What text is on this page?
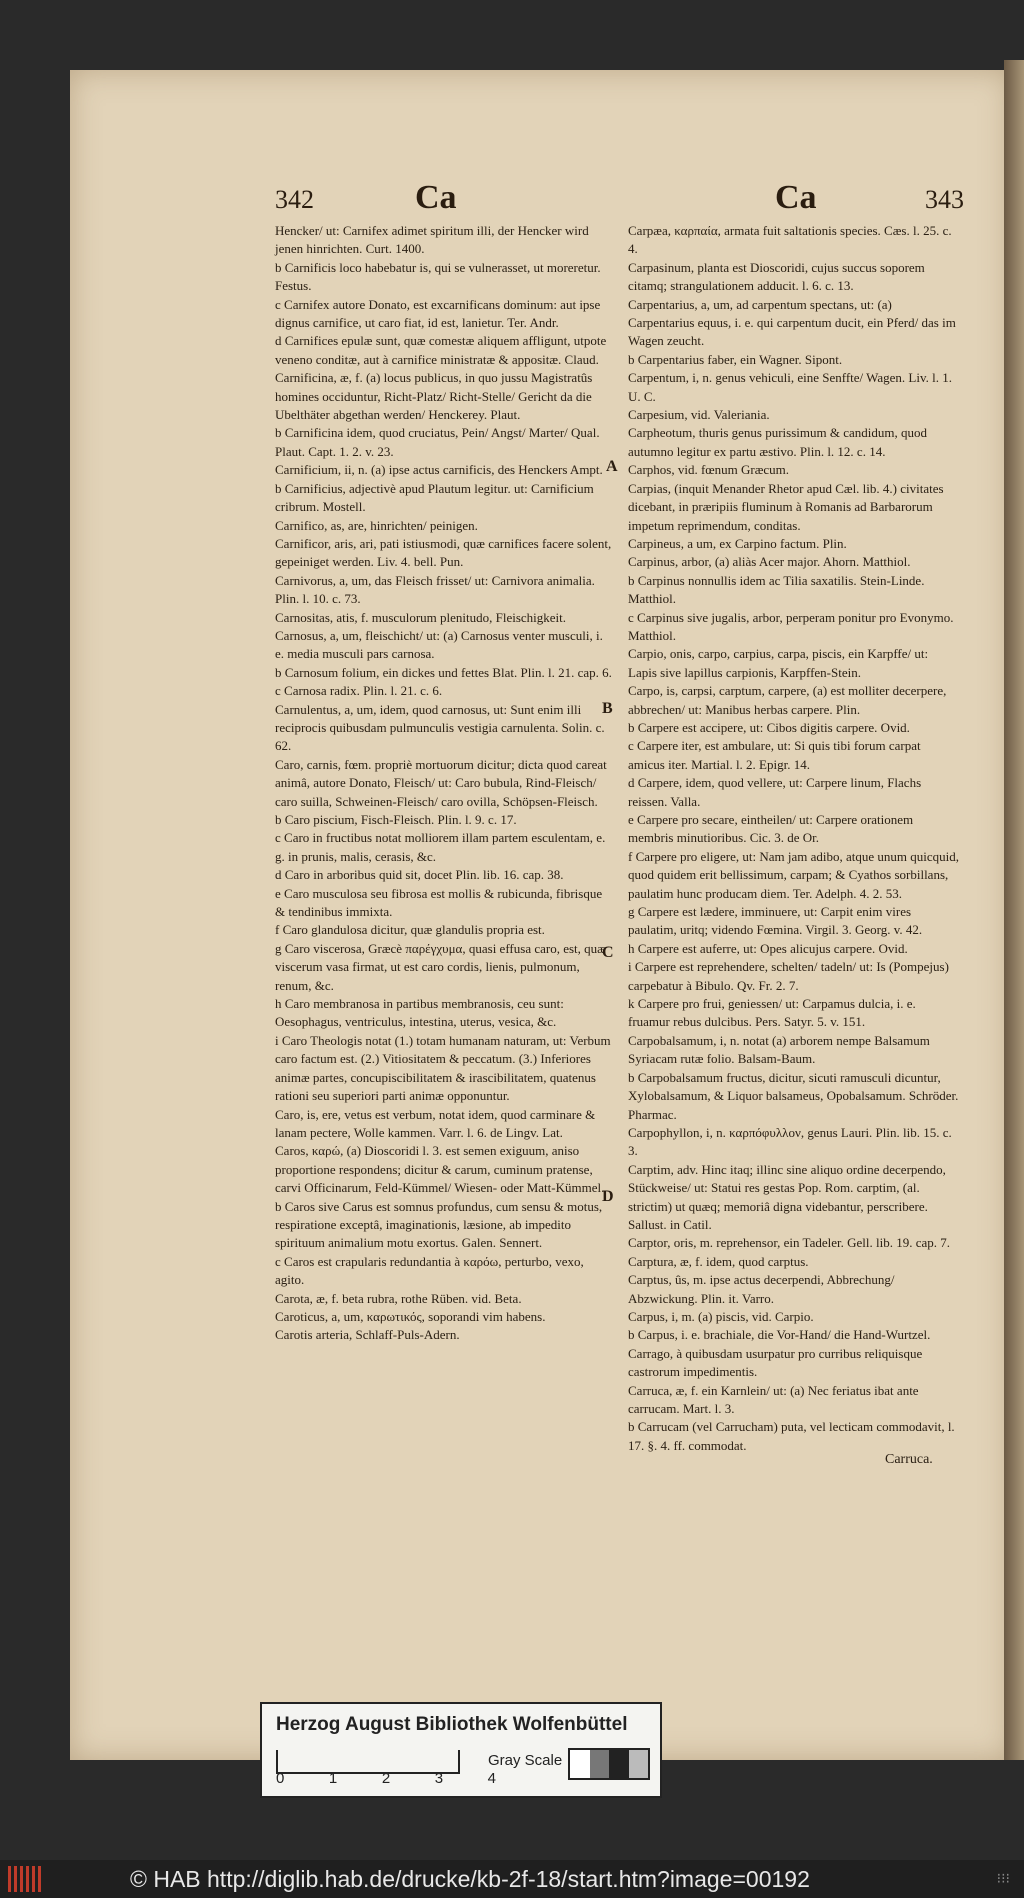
342	Ca	Ca	343

Hencker/ ut: Carnifex adimet spiritum illi, der Hencker wird jenen hinrichten. Curt. 1400.

b Carnificis loco habebatur is, qui se vulnerasset, ut moreretur. Festus.

c Carnifex autore Donato, est excarnificans dominum: aut ipse dignus carnifice, ut caro fiat, id est, lanietur. Ter. Andr.

d Carnifices epulæ sunt, quæ comestæ aliquem affligunt, utpote veneno conditæ, aut à carnifice ministratæ & appositæ. Claud.

Carnificina, æ, f. (a) locus publicus, in quo jussu Magistratûs homines occiduntur, Richt-Platz/ Richt-Stelle/ Gericht da die Ubelthäter abgethan werden/ Henckerey. Plaut.

b Carnificina idem, quod cruciatus, Pein/ Angst/ Marter/ Qual. Plaut. Capt. 1. 2. v. 23.

Carnificium, ii, n. (a) ipse actus carnificis, des Henckers Ampt.

b Carnificius, adjectivè apud Plautum legitur. ut: Carnificium cribrum. Mostell.

Carnifico, as, are, hinrichten/ peinigen.

Carnificor, aris, ari, pati istiusmodi, quæ carnifices facere solent, gepeiniget werden. Liv. 4. bell. Pun.

Carnivorus, a, um, das Fleisch frisset/ ut: Carnivora animalia. Plin. l. 10. c. 73.

Carnositas, atis, f. musculorum plenitudo, Fleischigkeit.

Carnosus, a, um, fleischicht/ ut: (a) Carnosus venter musculi, i. e. media musculi pars carnosa.

b Carnosum folium, ein dickes und fettes Blat. Plin. l. 21. cap. 6.

c Carnosa radix. Plin. l. 21. c. 6.

Carnulentus, a, um, idem, quod carnosus, ut: Sunt enim illi reciprocis quibusdam pulmunculis vestigia carnulenta. Solin. c. 62.

Caro, carnis, fœm. propriè mortuorum dicitur; dicta quod careat animâ, autore Donato, Fleisch/ ut: Caro bubula, Rind-Fleisch/ caro suilla, Schweinen-Fleisch/ caro ovilla, Schöpsen-Fleisch.

b Caro piscium, Fisch-Fleisch. Plin. l. 9. c. 17.

c Caro in fructibus notat molliorem illam partem esculentam, e. g. in prunis, malis, cerasis, &c.

d Caro in arboribus quid sit, docet Plin. lib. 16. cap. 38.

e Caro musculosa seu fibrosa est mollis & rubicunda, fibrisque & tendinibus immixta.

f Caro glandulosa dicitur, quæ glandulis propria est.

g Caro viscerosa, Græcè παρέγχυμα, quasi effusa caro, est, quæ viscerum vasa firmat, ut est caro cordis, lienis, pulmonum, renum, &c.

h Caro membranosa in partibus membranosis, ceu sunt: Oesophagus, ventriculus, intestina, uterus, vesica, &c.

i Caro Theologis notat (1.) totam humanam naturam, ut: Verbum caro factum est. (2.) Vitiositatem & peccatum. (3.) Inferiores animæ partes, concupiscibilitatem & irascibilitatem, quatenus rationi seu superiori parti animæ opponuntur.

Caro, is, ere, vetus est verbum, notat idem, quod carminare & lanam pectere, Wolle kammen. Varr. l. 6. de Lingv. Lat.

Caros, καρώ, (a) Dioscoridi l. 3. est semen exiguum, aniso proportione respondens; dicitur & carum, cuminum pratense, carvi Officinarum, Feld-Kümmel/ Wiesen- oder Matt-Kümmel.

b Caros sive Carus est somnus profundus, cum sensu & motus, respiratione exceptâ, imaginationis, læsione, ab impedito spirituum animalium motu exortus. Galen. Sennert.

c Caros est crapularis redundantia à καρόω, perturbo, vexo, agito.

Carota, æ, f. beta rubra, rothe Rüben. vid. Beta.

Caroticus, a, um, καρωτικός, soporandi vim habens.

Carotis arteria, Schlaff-Puls-Adern.

Carpæa, καρπαία, armata fuit saltationis species. Cæs. l. 25. c. 4.

Carpasinum, planta est Dioscoridi, cujus succus soporem citamq; strangulationem adducit. l. 6. c. 13.

Carpentarius, a, um, ad carpentum spectans, ut: (a) Carpentarius equus, i. e. qui carpentum ducit, ein Pferd/ das im Wagen zeucht.

b Carpentarius faber, ein Wagner. Sipont.

Carpentum, i, n. genus vehiculi, eine Senffte/ Wagen. Liv. l. 1. U. C.

Carpesium, vid. Valeriania.

Carpheotum, thuris genus purissimum & candidum, quod autumno legitur ex partu æstivo. Plin. l. 12. c. 14.

Carphos, vid. fœnum Græcum.

Carpias, (inquit Menander Rhetor apud Cæl. lib. 4.) civitates dicebant, in præripiis fluminum à Romanis ad Barbarorum impetum reprimendum, conditas.

Carpineus, a um, ex Carpino factum. Plin.

Carpinus, arbor, (a) aliàs Acer major. Ahorn. Matthiol.

b Carpinus nonnullis idem ac Tilia saxatilis. Stein-Linde. Matthiol.

c Carpinus sive jugalis, arbor, perperam ponitur pro Evonymo. Matthiol.

Carpio, onis, carpo, carpius, carpa, piscis, ein Karpffe/ ut: Lapis sive lapillus carpionis, Karpffen-Stein.

Carpo, is, carpsi, carptum, carpere, (a) est molliter decerpere, abbrechen/ ut: Manibus herbas carpere. Plin.

b Carpere est accipere, ut: Cibos digitis carpere. Ovid.

c Carpere iter, est ambulare, ut: Si quis tibi forum carpat amicus iter. Martial. l. 2. Epigr. 14.

d Carpere, idem, quod vellere, ut: Carpere linum, Flachs reissen. Valla.

e Carpere pro secare, eintheilen/ ut: Carpere orationem membris minutioribus. Cic. 3. de Or.

f Carpere pro eligere, ut: Nam jam adibo, atque unum quicquid, quod quidem erit bellissimum, carpam; & Cyathos sorbillans, paulatim hunc producam diem. Ter. Adelph. 4. 2. 53.

g Carpere est lædere, imminuere, ut: Carpit enim vires paulatim, uritq; videndo Fœmina. Virgil. 3. Georg. v. 42.

h Carpere est auferre, ut: Opes alicujus carpere. Ovid.

i Carpere est reprehendere, schelten/ tadeln/ ut: Is (Pompejus) carpebatur à Bibulo. Qv. Fr. 2. 7.

k Carpere pro frui, geniessen/ ut: Carpamus dulcia, i. e. fruamur rebus dulcibus. Pers. Satyr. 5. v. 151.

Carpobalsamum, i, n. notat (a) arborem nempe Balsamum Syriacam rutæ folio. Balsam-Baum.

b Carpobalsamum fructus, dicitur, sicuti ramusculi dicuntur, Xylobalsamum, & Liquor balsameus, Opobalsamum. Schröder. Pharmac.

Carpophyllon, i, n. καρπόφυλλον, genus Lauri. Plin. lib. 15. c. 3.

Carptim, adv. Hinc itaq; illinc sine aliquo ordine decerpendo, Stückweise/ ut: Statui res gestas Pop. Rom. carptim, (al. strictim) ut quæq; memoriâ digna videbantur, perscribere. Sallust. in Catil.

Carptor, oris, m. reprehensor, ein Tadeler. Gell. lib. 19. cap. 7.

Carptura, æ, f. idem, quod carptus.

Carptus, ûs, m. ipse actus decerpendi, Abbrechung/ Abzwickung. Plin. it. Varro.

Carpus, i, m. (a) piscis, vid. Carpio.

b Carpus, i. e. brachiale, die Vor-Hand/ die Hand-Wurtzel.

Carrago, à quibusdam usurpatur pro curribus reliquisque castrorum impedimentis.

Carruca, æ, f. ein Karnlein/ ut: (a) Nec feriatus ibat ante carrucam. Mart. l. 3.

b Carrucam (vel Carrucham) puta, vel lecticam commodavit, l. 17. §. 4. ff. commodat.

A
B
C
D
Carruca.
Herzog August Bibliothek Wolfenbüttel
0	1	2	3	4
Gray Scale
© HAB http://diglib.hab.de/drucke/kb-2f-18/start.htm?image=00192	⁝⁝⁝
